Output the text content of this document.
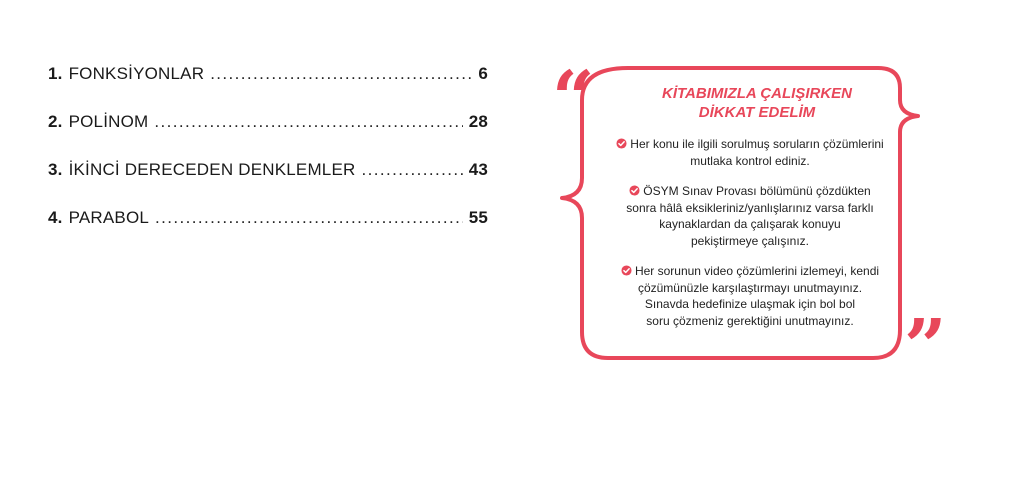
1. FONKSİYONLAR .....	6
2. POLİNOM .....	28
3. İKİNCİ DERECEDEN DENKLEMLER .....	43
4. PARABOL .....	55
“
”
KİTABIMIZLA ÇALIŞIRKEN
DİKKAT EDELİM
Her konu ile ilgili sorulmuş soruların çözümlerini
mutlaka kontrol ediniz.
ÖSYM Sınav Provası bölümünü çözdükten
sonra hâlâ eksikleriniz/yanlışlarınız varsa farklı
kaynaklardan da çalışarak konuyu
pekiştirmeye çalışınız.
Her sorunun video çözümlerini izlemeyi, kendi
çözümünüzle karşılaştırmayı unutmayınız.
Sınavda hedefinize ulaşmak için bol bol
soru çözmeniz gerektiğini unutmayınız.
